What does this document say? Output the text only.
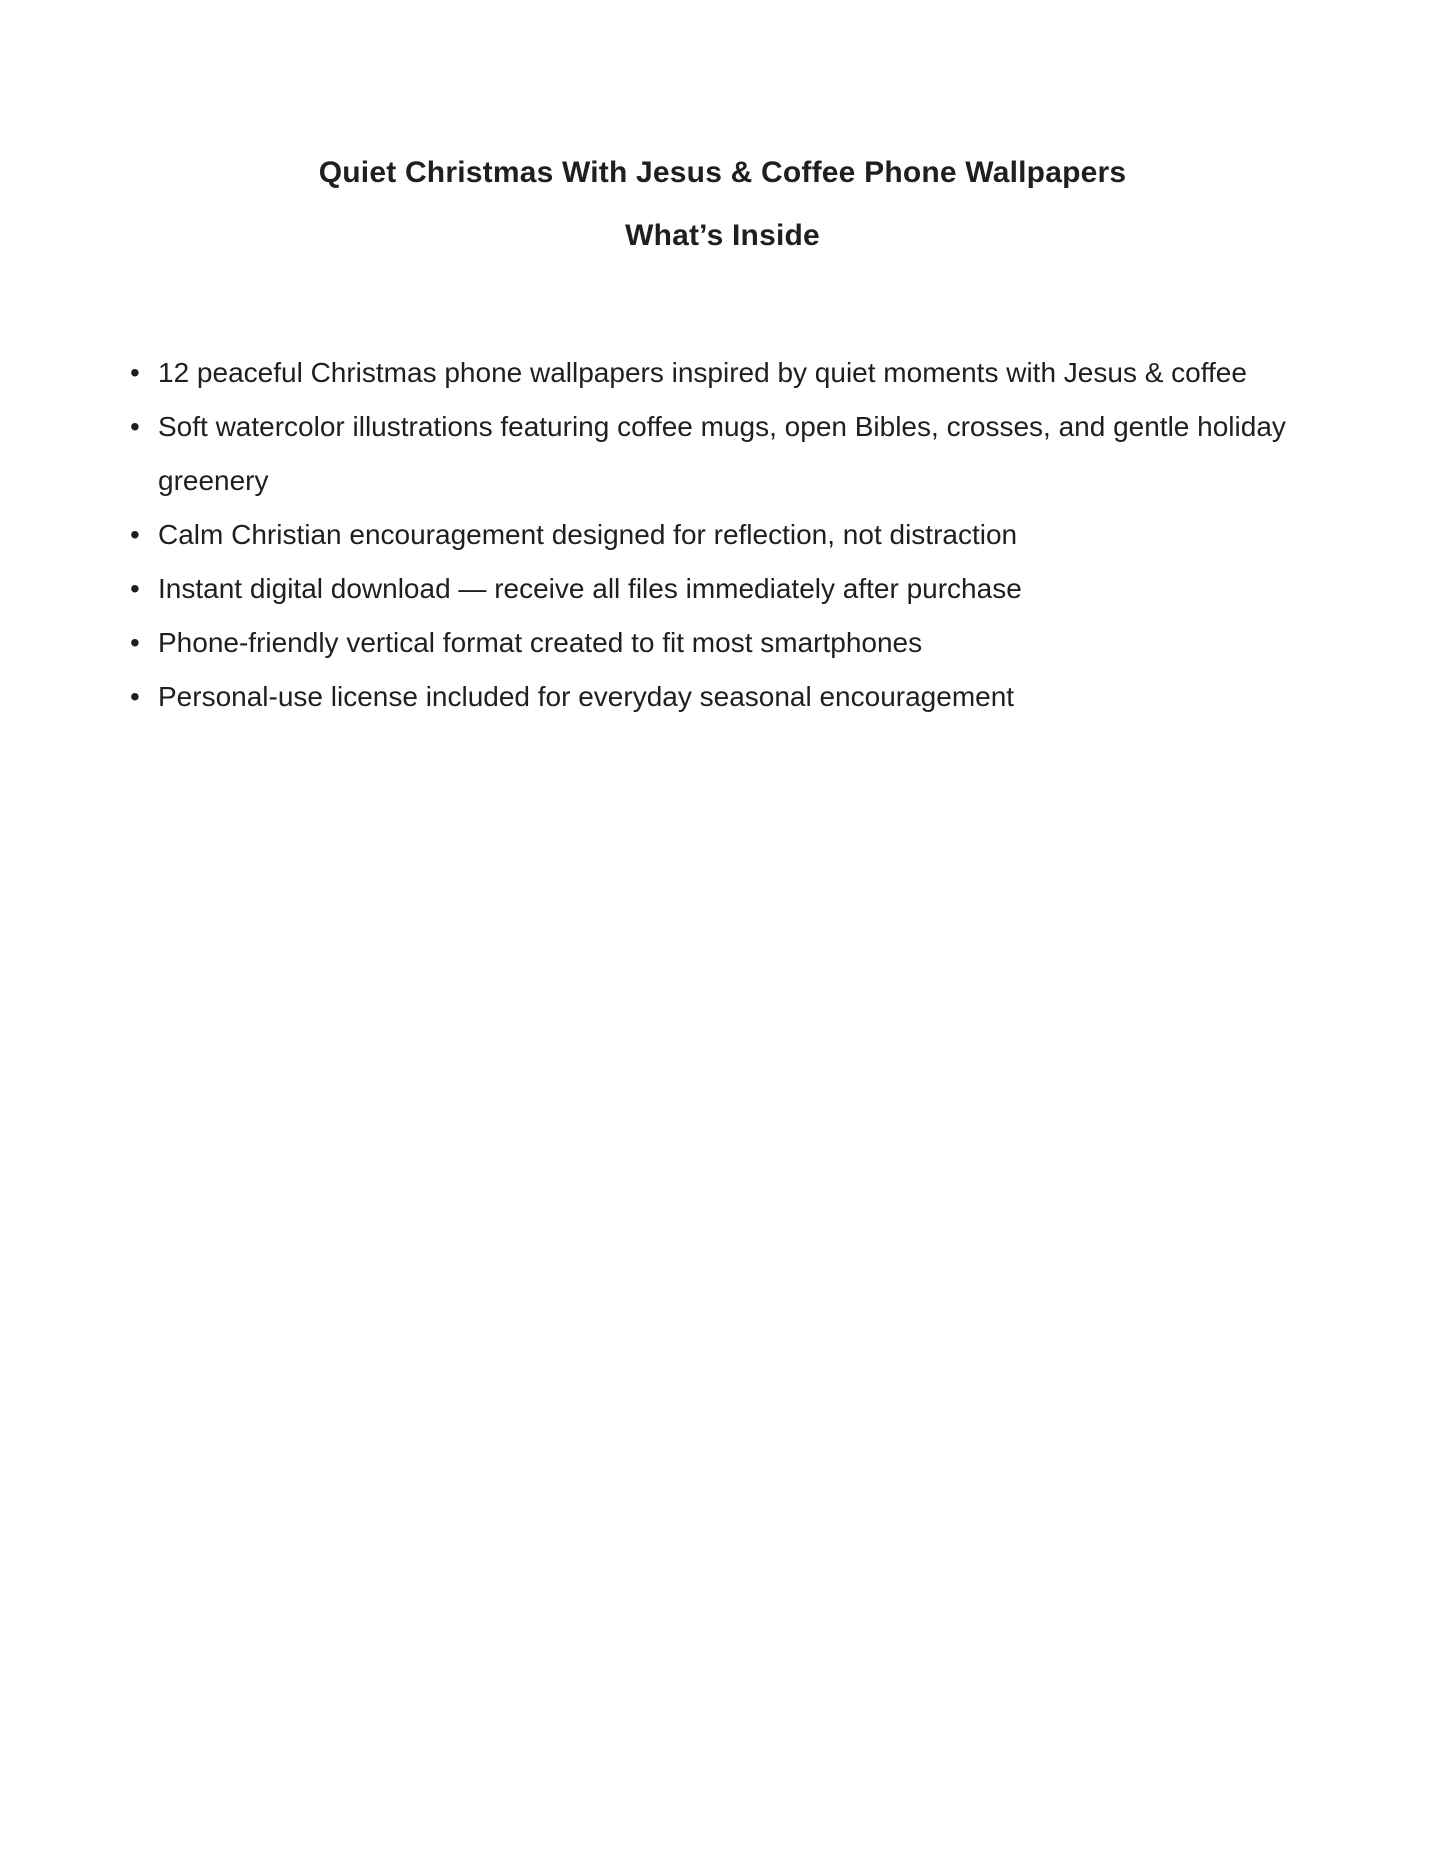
Quiet Christmas With Jesus & Coffee Phone Wallpapers
What’s Inside
• 12 peaceful Christmas phone wallpapers inspired by quiet moments with Jesus & coffee
• Soft watercolor illustrations featuring coffee mugs, open Bibles, crosses, and gentle holiday greenery
• Calm Christian encouragement designed for reflection, not distraction
• Instant digital download — receive all files immediately after purchase
• Phone-friendly vertical format created to fit most smartphones
• Personal-use license included for everyday seasonal encouragement
